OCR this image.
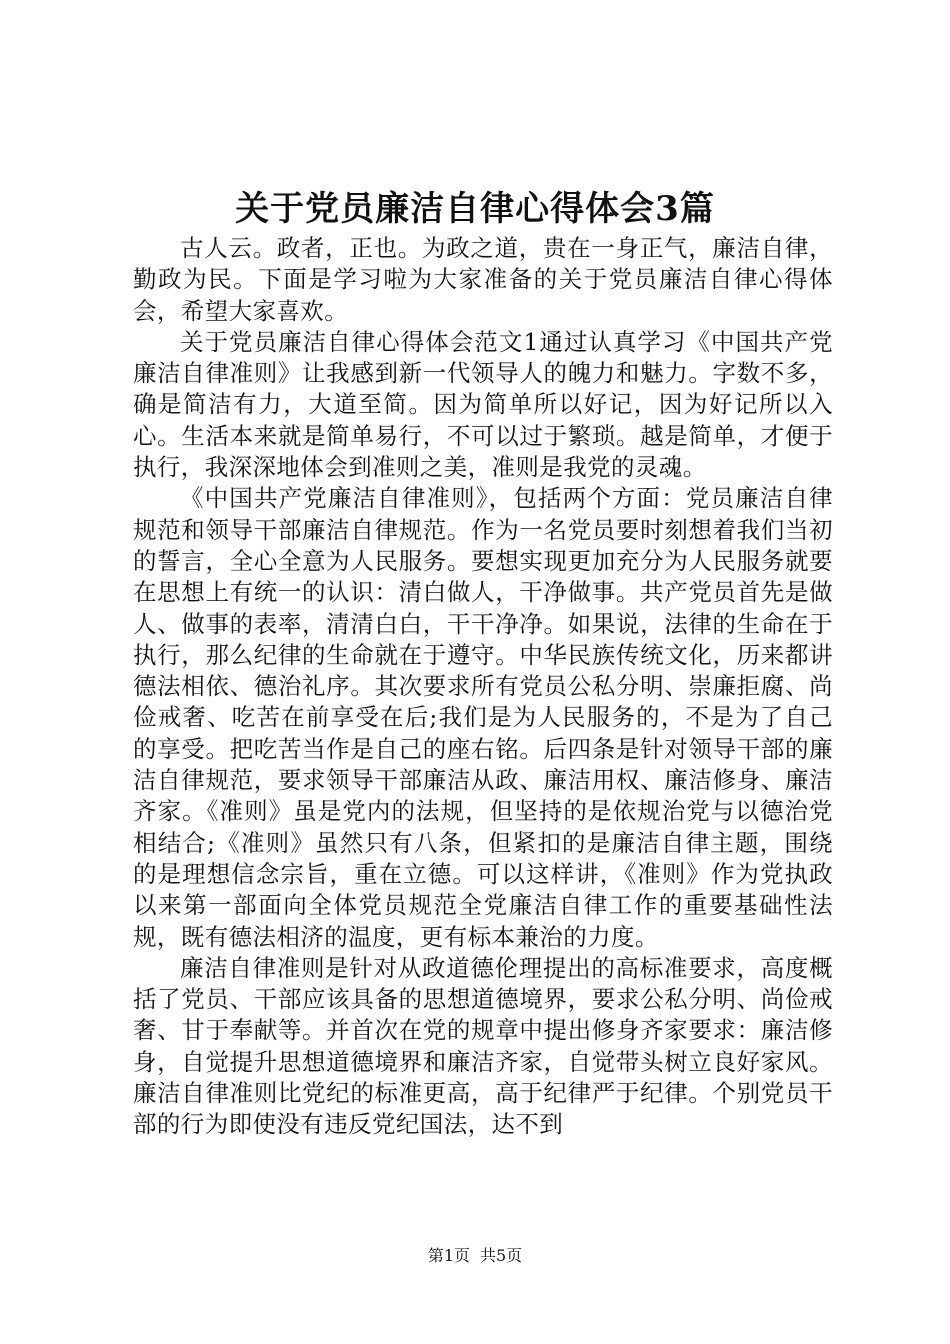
关于党员廉洁自律心得体会3篇

古人云。政者，正也。为政之道，贵在一身正气，廉洁自律，勤政为民。下面是学习啦为大家准备的关于党员廉洁自律心得体会，希望大家喜欢。

关于党员廉洁自律心得体会范文1通过认真学习《中国共产党廉洁自律准则》让我感到新一代领导人的魄力和魅力。字数不多，确是简洁有力，大道至简。因为简单所以好记，因为好记所以入心。生活本来就是简单易行，不可以过于繁琐。越是简单，才便于执行，我深深地体会到准则之美，准则是我党的灵魂。

《中国共产党廉洁自律准则》，包括两个方面：党员廉洁自律规范和领导干部廉洁自律规范。作为一名党员要时刻想着我们当初的誓言，全心全意为人民服务。要想实现更加充分为人民服务就要在思想上有统一的认识：清白做人，干净做事。共产党员首先是做人、做事的表率，清清白白，干干净净。如果说，法律的生命在于执行，那么纪律的生命就在于遵守。中华民族传统文化，历来都讲德法相依、德治礼序。其次要求所有党员公私分明、崇廉拒腐、尚俭戒奢、吃苦在前享受在后;我们是为人民服务的，不是为了自己的享受。把吃苦当作是自己的座右铭。后四条是针对领导干部的廉洁自律规范，要求领导干部廉洁从政、廉洁用权、廉洁修身、廉洁齐家。《准则》虽是党内的法规，但坚持的是依规治党与以德治党相结合;《准则》虽然只有八条，但紧扣的是廉洁自律主题，围绕的是理想信念宗旨，重在立德。可以这样讲，《准则》作为党执政以来第一部面向全体党员规范全党廉洁自律工作的重要基础性法规，既有德法相济的温度，更有标本兼治的力度。

廉洁自律准则是针对从政道德伦理提出的高标准要求，高度概括了党员、干部应该具备的思想道德境界，要求公私分明、尚俭戒奢、甘于奉献等。并首次在党的规章中提出修身齐家要求：廉洁修身，自觉提升思想道德境界和廉洁齐家，自觉带头树立良好家风。廉洁自律准则比党纪的标准更高，高于纪律严于纪律。个别党员干部的行为即使没有违反党纪国法，达不到

第1页 共5页
